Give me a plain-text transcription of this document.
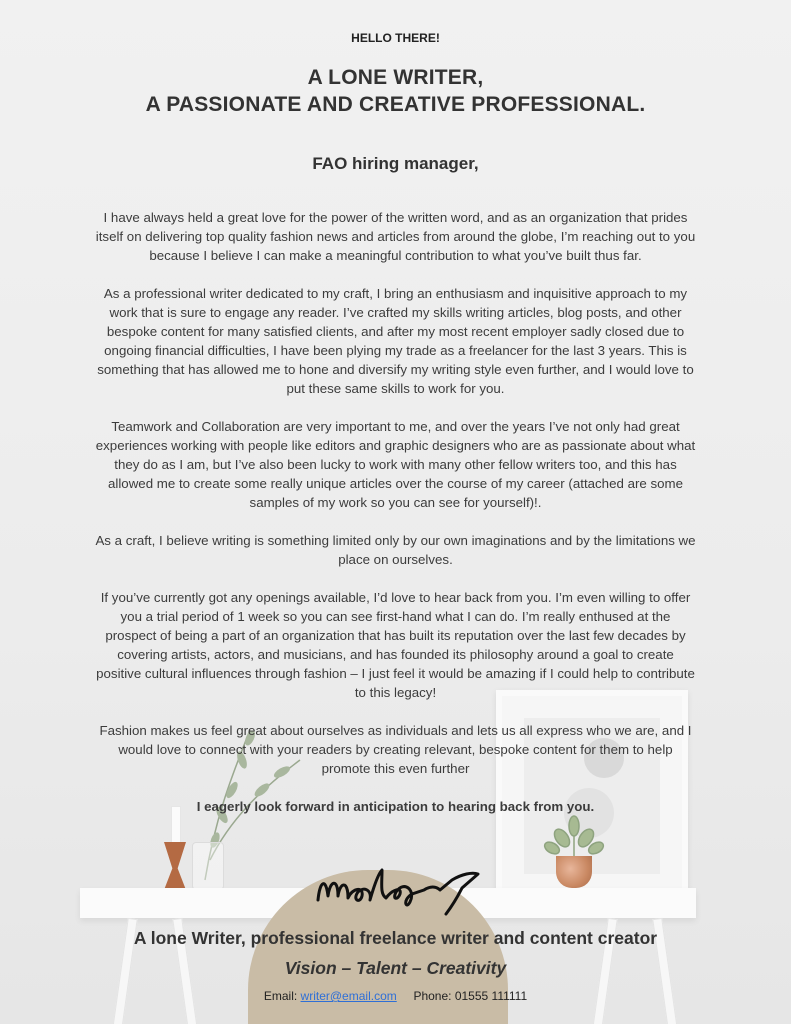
HELLO THERE!
A LONE WRITER,
A PASSIONATE AND CREATIVE PROFESSIONAL.
FAO hiring manager,

I have always held a great love for the power of the written word, and as an organization that prides itself on delivering top quality fashion news and articles from around the globe, I’m reaching out to you because I believe I can make a meaningful contribution to what you’ve built thus far.

As a professional writer dedicated to my craft, I bring an enthusiasm and inquisitive approach to my work that is sure to engage any reader. I’ve crafted my skills writing articles, blog posts, and other bespoke content for many satisfied clients, and after my most recent employer sadly closed due to ongoing financial difficulties, I have been plying my trade as a freelancer for the last 3 years. This is something that has allowed me to hone and diversify my writing style even further, and I would love to put these same skills to work for you.

Teamwork and Collaboration are very important to me, and over the years I’ve not only had great experiences working with people like editors and graphic designers who are as passionate about what they do as I am, but I’ve also been lucky to work with many other fellow writers too, and this has allowed me to create some really unique articles over the course of my career (attached are some samples of my work so you can see for yourself)!.

As a craft, I believe writing is something limited only by our own imaginations and by the limitations we place on ourselves.

If you’ve currently got any openings available, I’d love to hear back from you. I’m even willing to offer you a trial period of 1 week so you can see first-hand what I can do. I’m really enthused at the prospect of being a part of an organization that has built its reputation over the last few decades by covering artists, actors, and musicians, and has founded its philosophy around a goal to create positive cultural influences through fashion – I just feel it would be amazing if I could help to contribute to this legacy!

Fashion makes us feel great about ourselves as individuals and lets us all express who we are, and I would love to connect with your readers by creating relevant, bespoke content for them to help promote this even further

I eagerly look forward in anticipation to hearing back from you.

A lone Writer, professional freelance writer and content creator
Vision – Talent – Creativity
Email: writer@email.com Phone: 01555 111111
